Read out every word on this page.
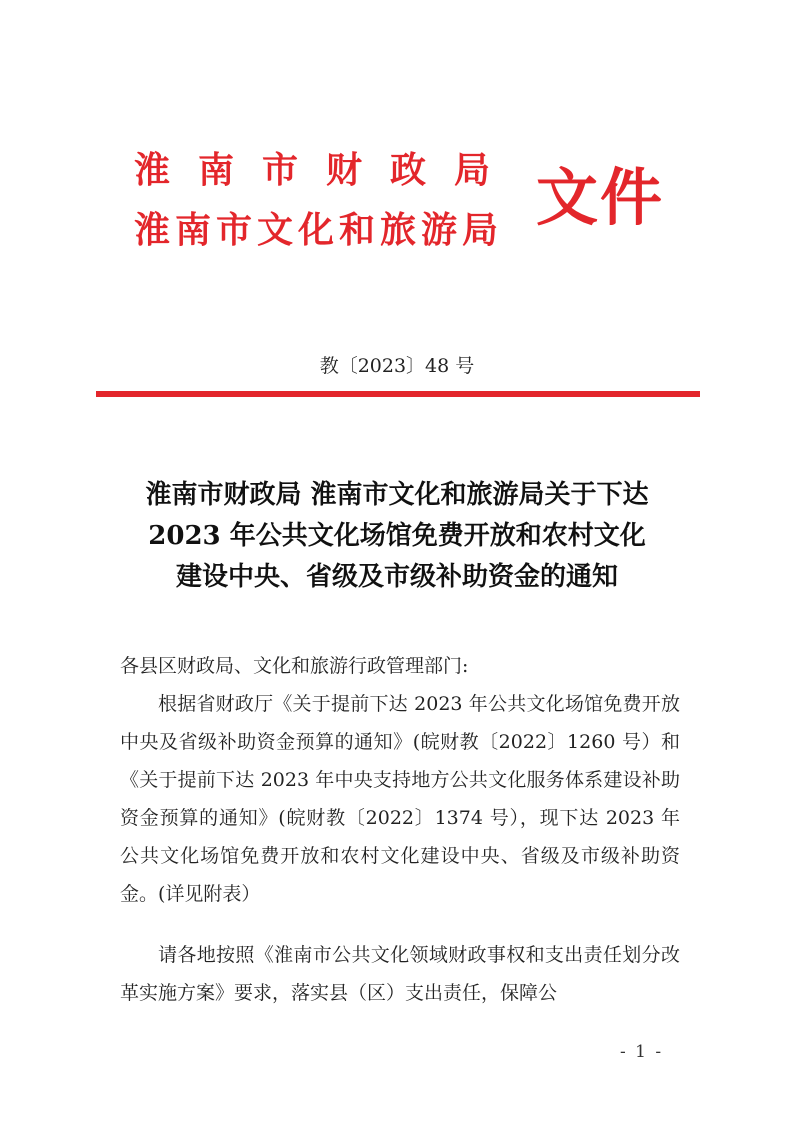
淮南市财政局
淮南市文化和旅游局 文件
教〔2023〕48 号
淮南市财政局 淮南市文化和旅游局关于下达
2023 年公共文化场馆免费开放和农村文化
建设中央、省级及市级补助资金的通知
各县区财政局、文化和旅游行政管理部门:

根据省财政厅《关于提前下达 2023 年公共文化场馆免费开放中央及省级补助资金预算的通知》(皖财教〔2022〕1260 号）和《关于提前下达 2023 年中央支持地方公共文化服务体系建设补助资金预算的通知》(皖财教〔2022〕1374 号），现下达 2023 年公共文化场馆免费开放和农村文化建设中央、省级及市级补助资金。(详见附表）

请各地按照《淮南市公共文化领域财政事权和支出责任划分改革实施方案》要求，落实县（区）支出责任，保障公

- 1 -
